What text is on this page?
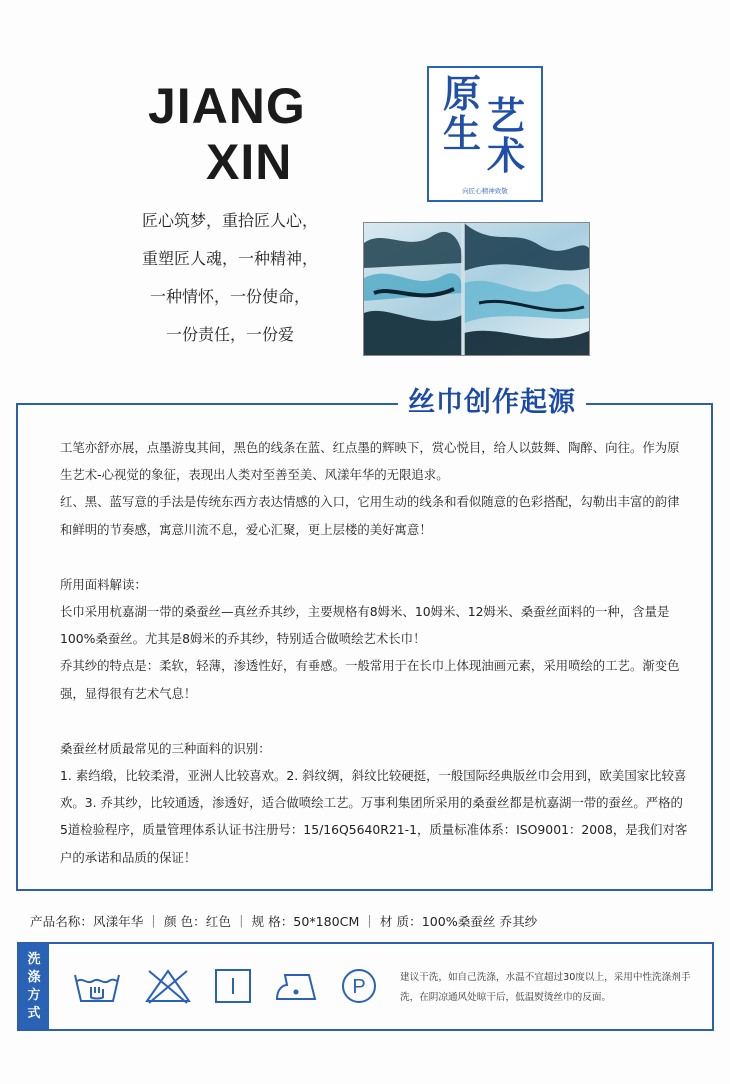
JIANG
XIN
原 艺
生 术
向匠心精神致敬
匠心筑梦，重拾匠人心，
重塑匠人魂，一种精神，
一种情怀，一份使命，
一份责任，一份爱
丝巾创作起源

工笔亦舒亦展，点墨游曳其间，黑色的线条在蓝、红点墨的辉映下，赏心悦目，给人以鼓舞、陶醉、向往。作为原生艺术-心视觉的象征，表现出人类对至善至美、风漾年华的无限追求。

红、黑、蓝写意的手法是传统东西方表达情感的入口，它用生动的线条和看似随意的色彩搭配，勾勒出丰富的韵律和鲜明的节奏感，寓意川流不息，爱心汇聚，更上层楼的美好寓意！

所用面料解读：

长巾采用杭嘉湖一带的桑蚕丝—真丝乔其纱，主要规格有8姆米、10姆米、12姆米、桑蚕丝面料的一种，含量是100%桑蚕丝。尤其是8姆米的乔其纱，特别适合做喷绘艺术长巾！

乔其纱的特点是：柔软，轻薄，渗透性好，有垂感。一般常用于在长巾上体现油画元素，采用喷绘的工艺。渐变色强，显得很有艺术气息！

桑蚕丝材质最常见的三种面料的识别：

1. 素绉缎，比较柔滑，亚洲人比较喜欢。2. 斜纹绸，斜纹比较硬挺，一般国际经典版丝巾会用到，欧美国家比较喜欢。3. 乔其纱，比较通透，渗透好，适合做喷绘工艺。万事利集团所采用的桑蚕丝都是杭嘉湖一带的蚕丝。严格的5道检验程序，质量管理体系认证书注册号：15/16Q5640R21-1，质量标准体系：ISO9001：2008，是我们对客户的承诺和品质的保证！

产品名称：风漾年华 ｜ 颜 色：红色 ｜ 规 格：50*180CM ｜ 材 质：100%桑蚕丝 乔其纱
洗
涤
方
式
P	建议干洗，如自己洗涤，水温不宜超过30度以上，采用中性洗涤剂手洗，在阴凉通风处晾干后，低温熨烫丝巾的反面。
